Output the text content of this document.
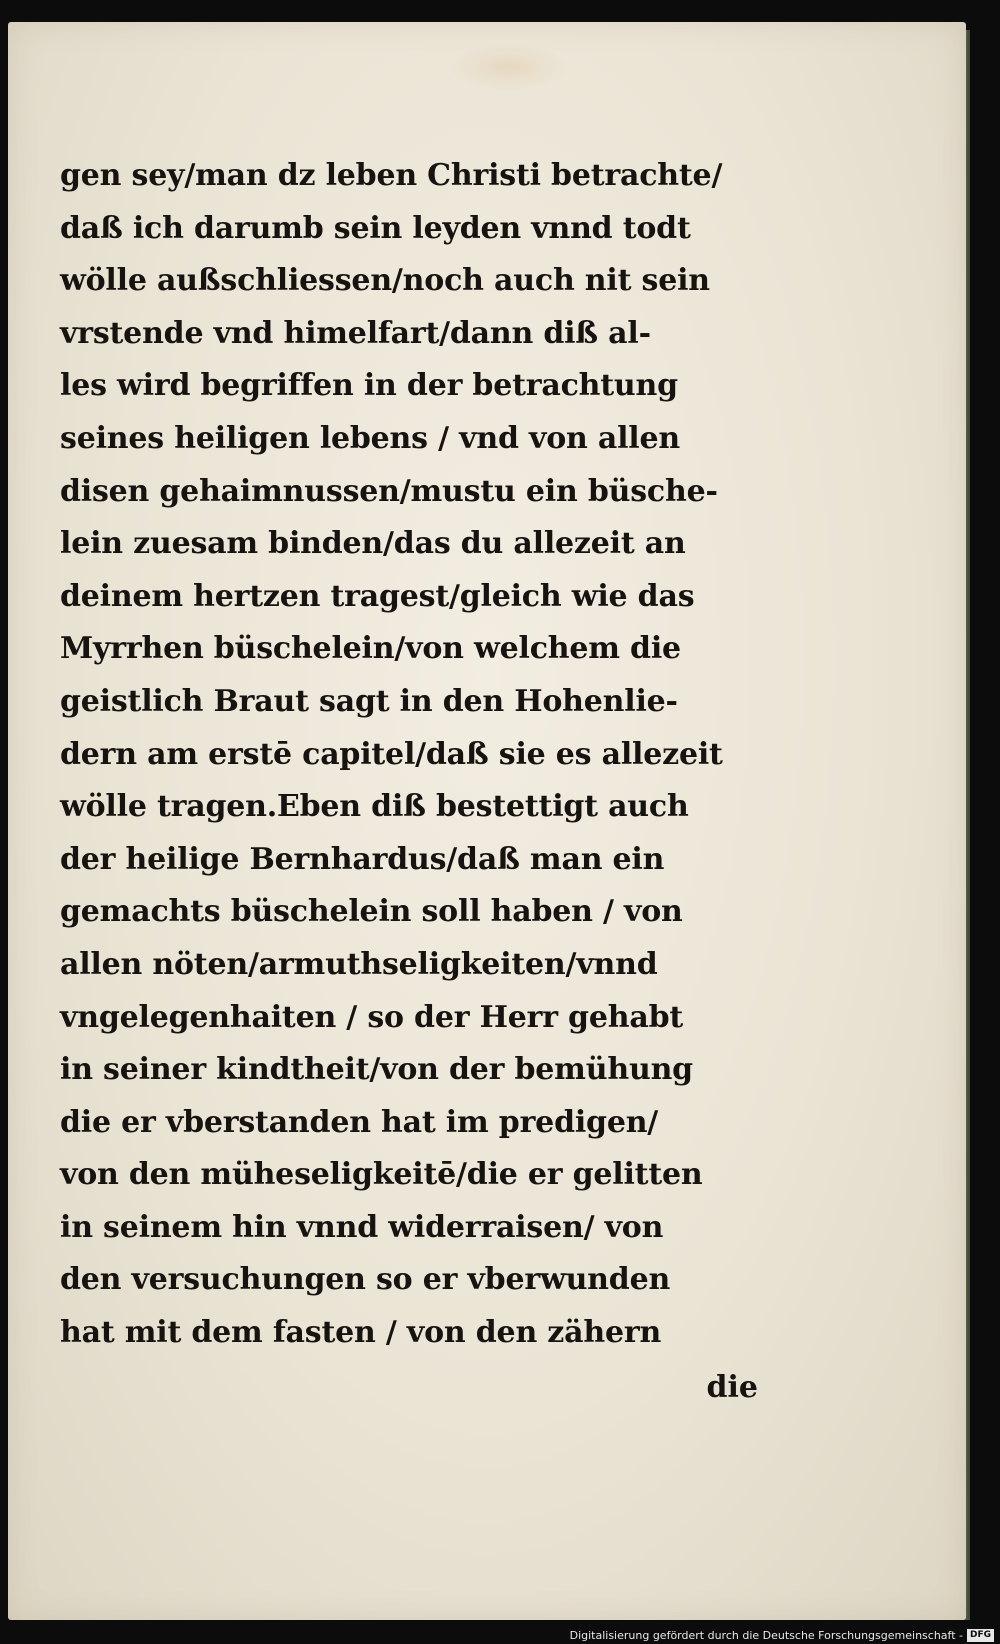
gen sey/man dz leben Christi betrachte/
daß ich darumb sein leyden vnnd todt
wölle außschliessen/noch auch nit sein
vrstende vnd himelfart/dann diß al-
les wird begriffen in der betrachtung
seines heiligen lebens / vnd von allen
disen gehaimnussen/mustu ein büsche-
lein zuesam binden/das du allezeit an
deinem hertzen tragest/gleich wie das
Myrrhen büschelein/von welchem die
geistlich Braut sagt in den Hohenlie-
dern am erstē capitel/daß sie es allezeit
wölle tragen.Eben diß bestettigt auch
der heilige Bernhardus/daß man ein
gemachts büschelein soll haben / von
allen nöten/armuthseligkeiten/vnnd
vngelegenhaiten / so der Herr gehabt
in seiner kindtheit/von der bemühung
die er vberstanden hat im predigen/
von den müheseligkeitē/die er gelitten
in seinem hin vnnd widerraisen/ von
den versuchungen so er vberwunden
hat mit dem fasten / von den zähern
die
Digitalisierung gefördert durch die Deutsche Forschungsgemeinschaft - DFG
